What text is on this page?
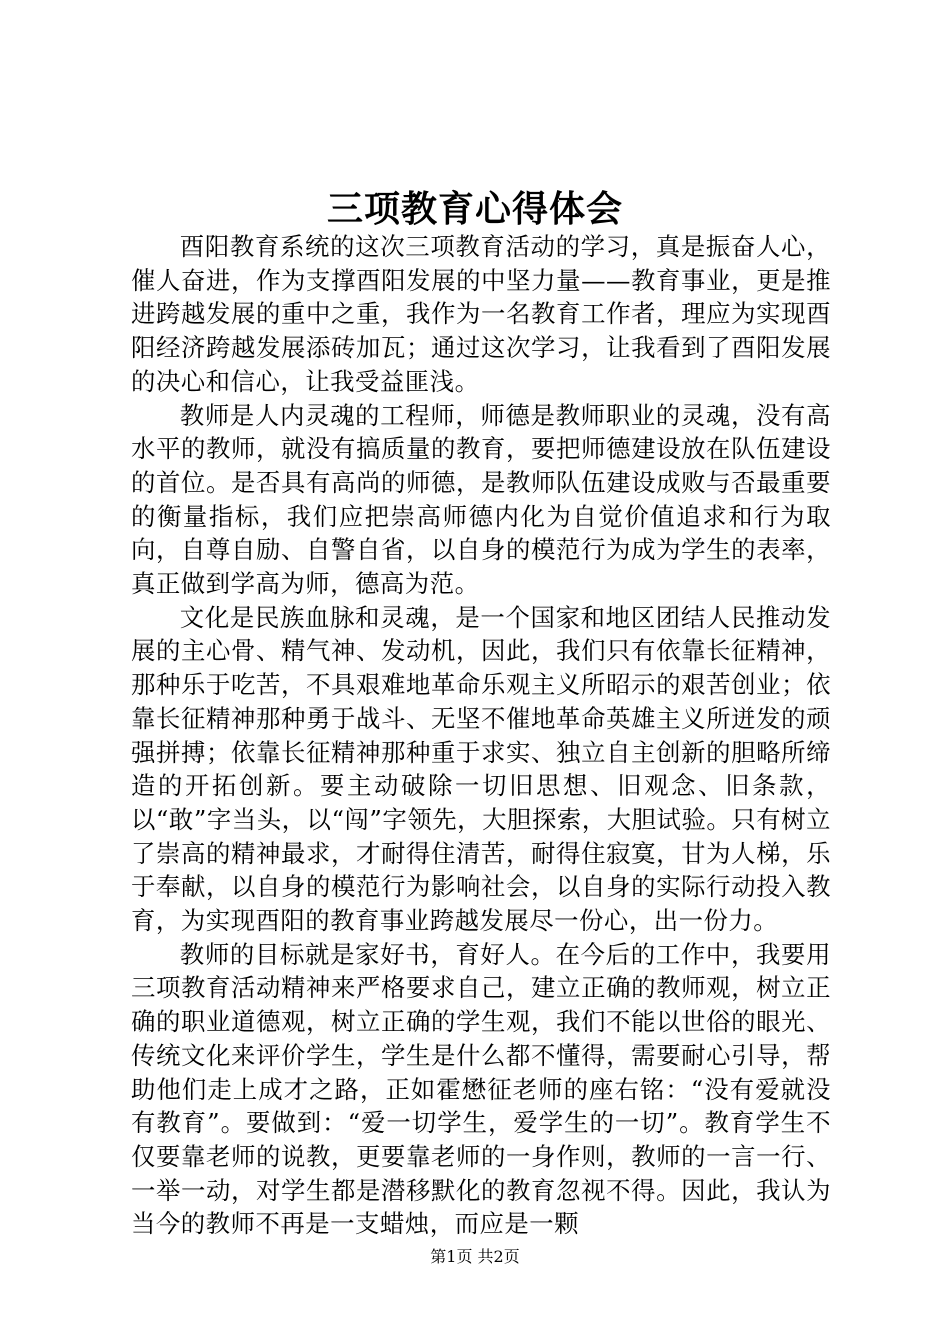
三项教育心得体会

酉阳教育系统的这次三项教育活动的学习，真是振奋人心，催人奋进，作为支撑酉阳发展的中坚力量——教育事业，更是推进跨越发展的重中之重，我作为一名教育工作者，理应为实现酉阳经济跨越发展添砖加瓦；通过这次学习，让我看到了酉阳发展的决心和信心，让我受益匪浅。

教师是人内灵魂的工程师，师德是教师职业的灵魂，没有高水平的教师，就没有搞质量的教育，要把师德建设放在队伍建设的首位。是否具有高尚的师德，是教师队伍建设成败与否最重要的衡量指标，我们应把崇高师德内化为自觉价值追求和行为取向，自尊自励、自警自省，以自身的模范行为成为学生的表率，真正做到学高为师，德高为范。

文化是民族血脉和灵魂，是一个国家和地区团结人民推动发展的主心骨、精气神、发动机，因此，我们只有依靠长征精神，那种乐于吃苦，不具艰难地革命乐观主义所昭示的艰苦创业；依靠长征精神那种勇于战斗、无坚不催地革命英雄主义所迸发的顽强拼搏；依靠长征精神那种重于求实、独立自主创新的胆略所缔造的开拓创新。要主动破除一切旧思想、旧观念、旧条款，以“敢”字当头，以“闯”字领先，大胆探索，大胆试验。只有树立了崇高的精神最求，才耐得住清苦，耐得住寂寞，甘为人梯，乐于奉献，以自身的模范行为影响社会，以自身的实际行动投入教育，为实现酉阳的教育事业跨越发展尽一份心，出一份力。

教师的目标就是家好书，育好人。在今后的工作中，我要用三项教育活动精神来严格要求自己，建立正确的教师观，树立正确的职业道德观，树立正确的学生观，我们不能以世俗的眼光、传统文化来评价学生，学生是什么都不懂得，需要耐心引导，帮助他们走上成才之路，正如霍懋征老师的座右铭：“没有爱就没有教育”。要做到：“爱一切学生，爱学生的一切”。教育学生不仅要靠老师的说教，更要靠老师的一身作则，教师的一言一行、一举一动，对学生都是潜移默化的教育忽视不得。因此，我认为当今的教师不再是一支蜡烛，而应是一颗

第1页 共2页
